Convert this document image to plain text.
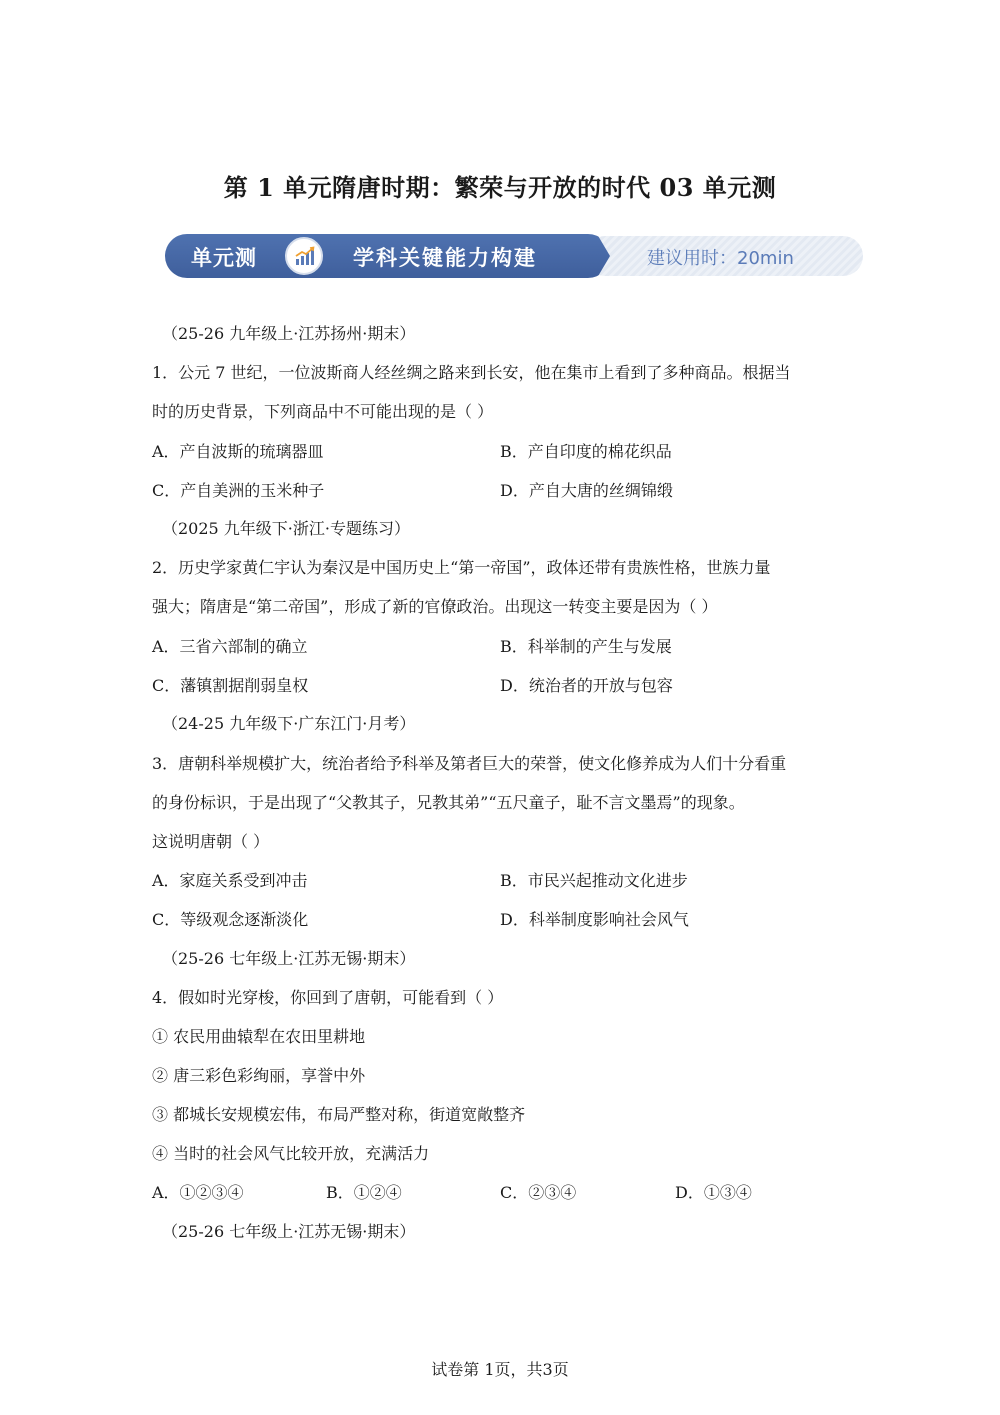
第 1 单元隋唐时期：繁荣与开放的时代 03 单元测
单元测	学科关键能力构建	建议用时：20min
（25-26 九年级上·江苏扬州·期末）
1．公元 7 世纪，一位波斯商人经丝绸之路来到长安，他在集市上看到了多种商品。根据当
时的历史背景，下列商品中不可能出现的是（ ）
A．产自波斯的琉璃器皿	B．产自印度的棉花织品
C．产自美洲的玉米种子	D．产自大唐的丝绸锦缎
（2025 九年级下·浙江·专题练习）
2．历史学家黄仁宇认为秦汉是中国历史上“第一帝国”，政体还带有贵族性格，世族力量
强大；隋唐是“第二帝国”，形成了新的官僚政治。出现这一转变主要是因为（ ）
A．三省六部制的确立	B．科举制的产生与发展
C．藩镇割据削弱皇权	D．统治者的开放与包容
（24-25 九年级下·广东江门·月考）
3．唐朝科举规模扩大，统治者给予科举及第者巨大的荣誉，使文化修养成为人们十分看重
的身份标识，于是出现了“父教其子，兄教其弟”“五尺童子，耻不言文墨焉”的现象。
这说明唐朝（ ）
A．家庭关系受到冲击	B．市民兴起推动文化进步
C．等级观念逐渐淡化	D．科举制度影响社会风气
（25-26 七年级上·江苏无锡·期末）
4．假如时光穿梭，你回到了唐朝，可能看到（ ）
① 农民用曲辕犁在农田里耕地
② 唐三彩色彩绚丽，享誉中外
③ 都城长安规模宏伟，布局严整对称，街道宽敞整齐
④ 当时的社会风气比较开放，充满活力
A．①②③④	B．①②④	C．②③④	D．①③④
（25-26 七年级上·江苏无锡·期末）
试卷第 1页，共3页
